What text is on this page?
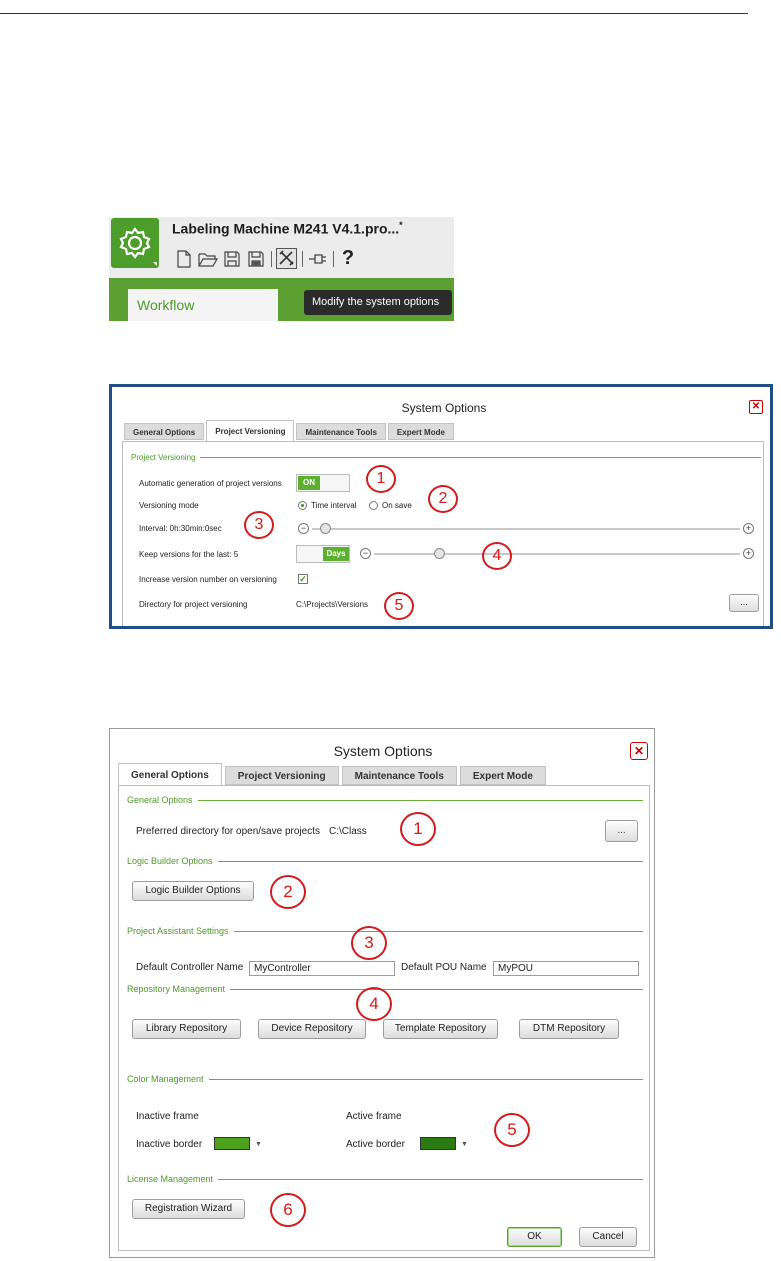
Labeling Machine M241 V4.1.pro...*
?
Workflow	Modify the system options
System Options	✕
General Options	Project Versioning	Maintenance Tools	Expert Mode
Project Versioning
Automatic generation of project versions	ON
Versioning mode	Time interval	On save
Interval: 0h:30min:0sec	−	+
Keep versions for the last: 5	Days	−	+
Increase version number on versioning ✓
Directory for project versioning	C:\Projects\Versions	...
1
2
3
4
5
System Options	✕
General Options	Project Versioning	Maintenance Tools	Expert Mode
General Options
Preferred directory for open/save projects C:\Class	...
Logic Builder Options
Logic Builder Options
Project Assistant Settings
Default Controller Name	MyController	Default POU Name	MyPOU
Repository Management
Library Repository	Device Repository	Template Repository	DTM Repository
Color Management
Inactive frame	Active frame
Inactive border	▼	Active border	▼
License Management
Registration Wizard
OK	Cancel
1
2
3
4
5
6
